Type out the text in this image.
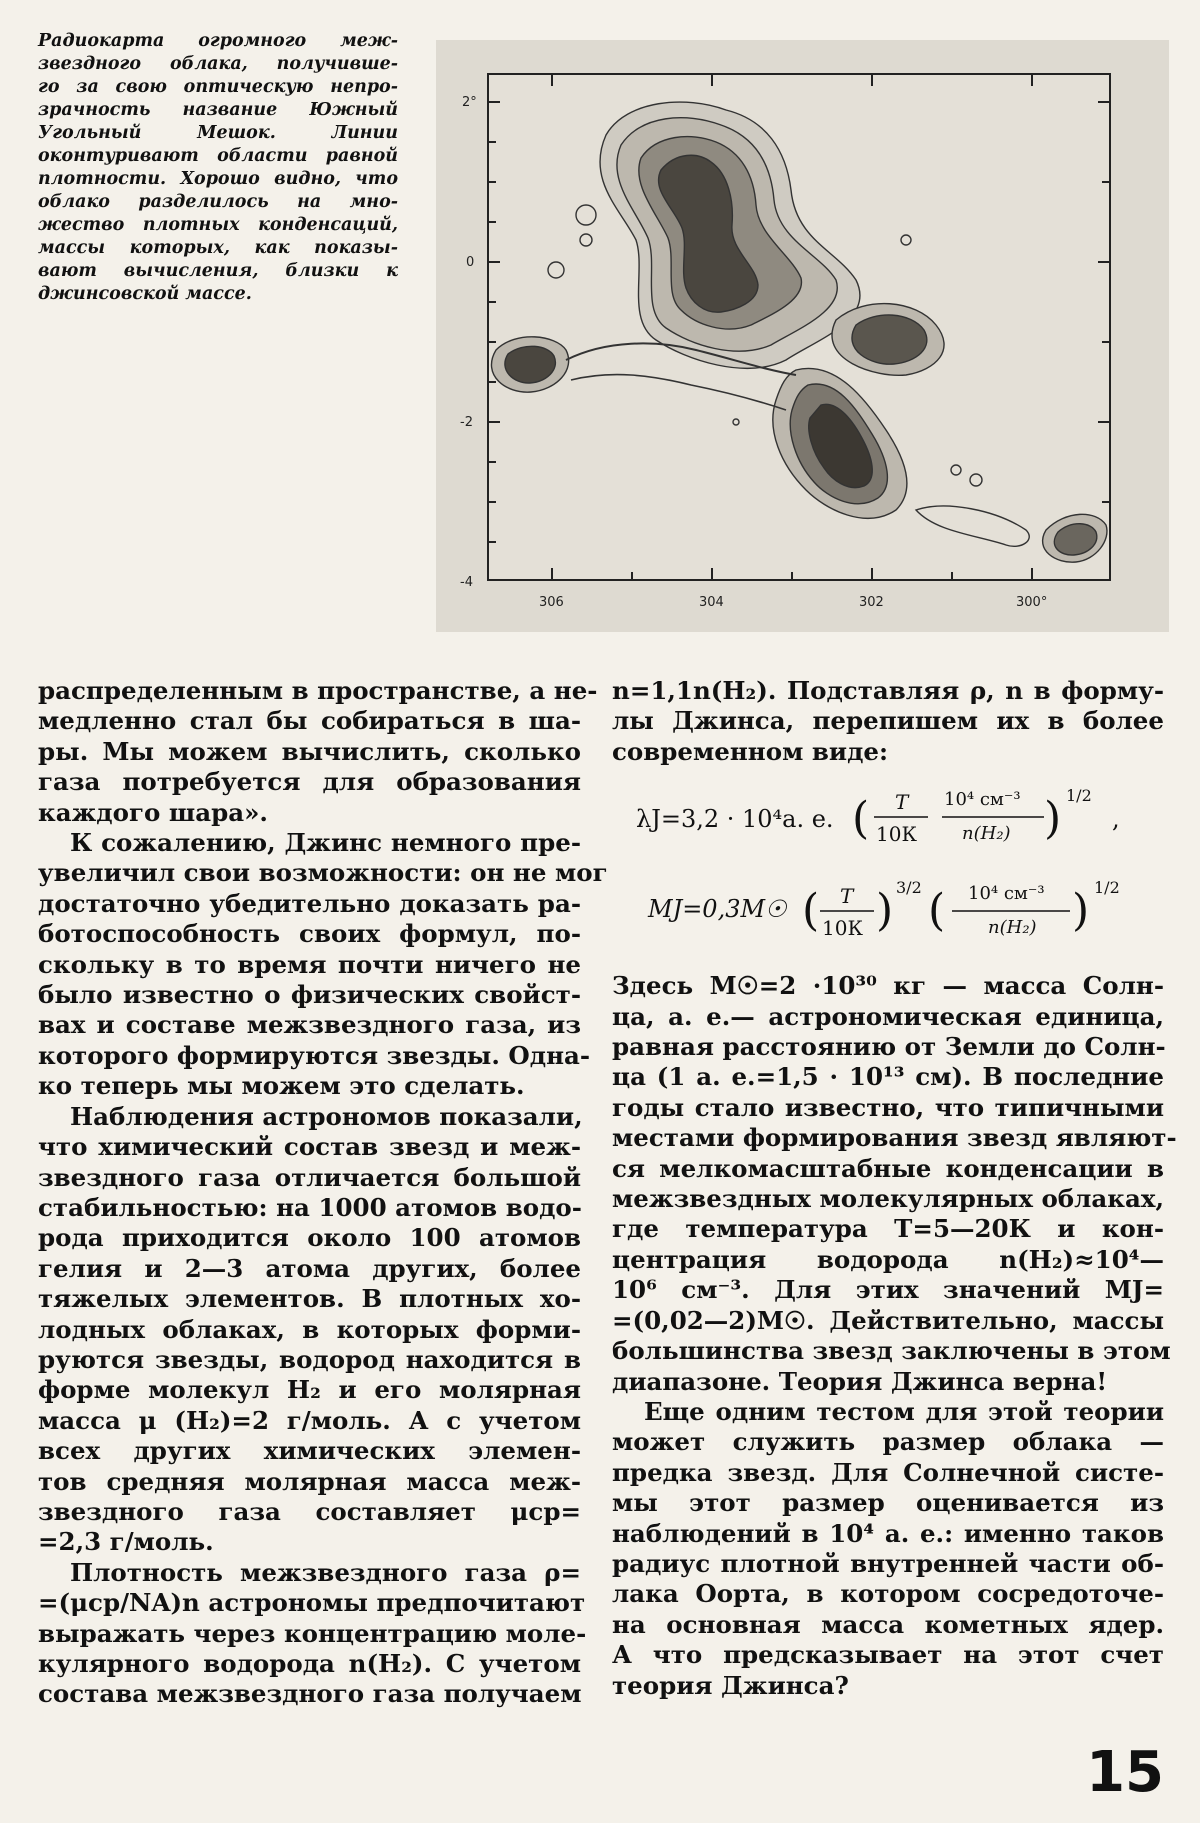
Радиокарта огромного меж-
звездного облака, получивше-
го за свою оптическую непро-
зрачность название Южный
Угольный Мешок. Линии
оконтуривают области равной
плотности. Хорошо видно, что
облако разделилось на мно-
жество плотных конденсаций,
массы которых, как показы-
вают вычисления, близки к
джинсовской массе.
2°
0
-2
-4
306	304	302	300°
распределенным в пространстве, а не-
медленно стал бы собираться в ша-
ры. Мы можем вычислить, сколько
газа потребуется для образования
каждого шара».
К сожалению, Джинс немного пре-
увеличил свои возможности: он не мог
достаточно убедительно доказать ра-
ботоспособность своих формул, по-
скольку в то время почти ничего не
было известно о физических свойст-
вах и составе межзвездного газа, из
которого формируются звезды. Одна-
ко теперь мы можем это сделать.
Наблюдения астрономов показали,
что химический состав звезд и меж-
звездного газа отличается большой
стабильностью: на 1000 атомов водо-
рода приходится около 100 атомов
гелия и 2—3 атома других, более
тяжелых элементов. В плотных хо-
лодных облаках, в которых форми-
руются звезды, водород находится в
форме молекул H₂ и его молярная
масса μ (H₂)=2 г/моль. А с учетом
всех других химических элемен-
тов средняя молярная масса меж-
звездного газа составляет μср=
=2,3 г/моль.
Плотность межзвездного газа ρ=
=(μср/NA)n астрономы предпочитают
выражать через концентрацию моле-
кулярного водорода n(H₂). С учетом
состава межзвездного газа получаем
n=1,1n(H₂). Подставляя ρ, n в форму-
лы Джинса, перепишем их в более
современном виде:
λJ=3,2 · 10⁴а. е. ( T
10К
10⁴ см⁻³
n(H₂) ) 1/2
,
MJ=0,3M☉ ( T
10К ) 3/2 ( 10⁴ см⁻³
n(H₂) ) 1/2
Здесь M☉=2 ·10³⁰ кг — масса Солн-
ца, а. е.— астрономическая единица,
равная расстоянию от Земли до Солн-
ца (1 а. е.=1,5 · 10¹³ см). В последние
годы стало известно, что типичными
местами формирования звезд являют-
ся мелкомасштабные конденсации в
межзвездных молекулярных облаках,
где температура T=5—20К и кон-
центрация водорода n(H₂)≈10⁴—
10⁶ см⁻³. Для этих значений MJ=
=(0,02—2)M☉. Действительно, массы
большинства звезд заключены в этом
диапазоне. Теория Джинса верна!
Еще одним тестом для этой теории
может служить размер облака —
предка звезд. Для Солнечной систе-
мы этот размер оценивается из
наблюдений в 10⁴ а. е.: именно таков
радиус плотной внутренней части об-
лака Оорта, в котором сосредоточе-
на основная масса кометных ядер.
А что предсказывает на этот счет
теория Джинса?
15
